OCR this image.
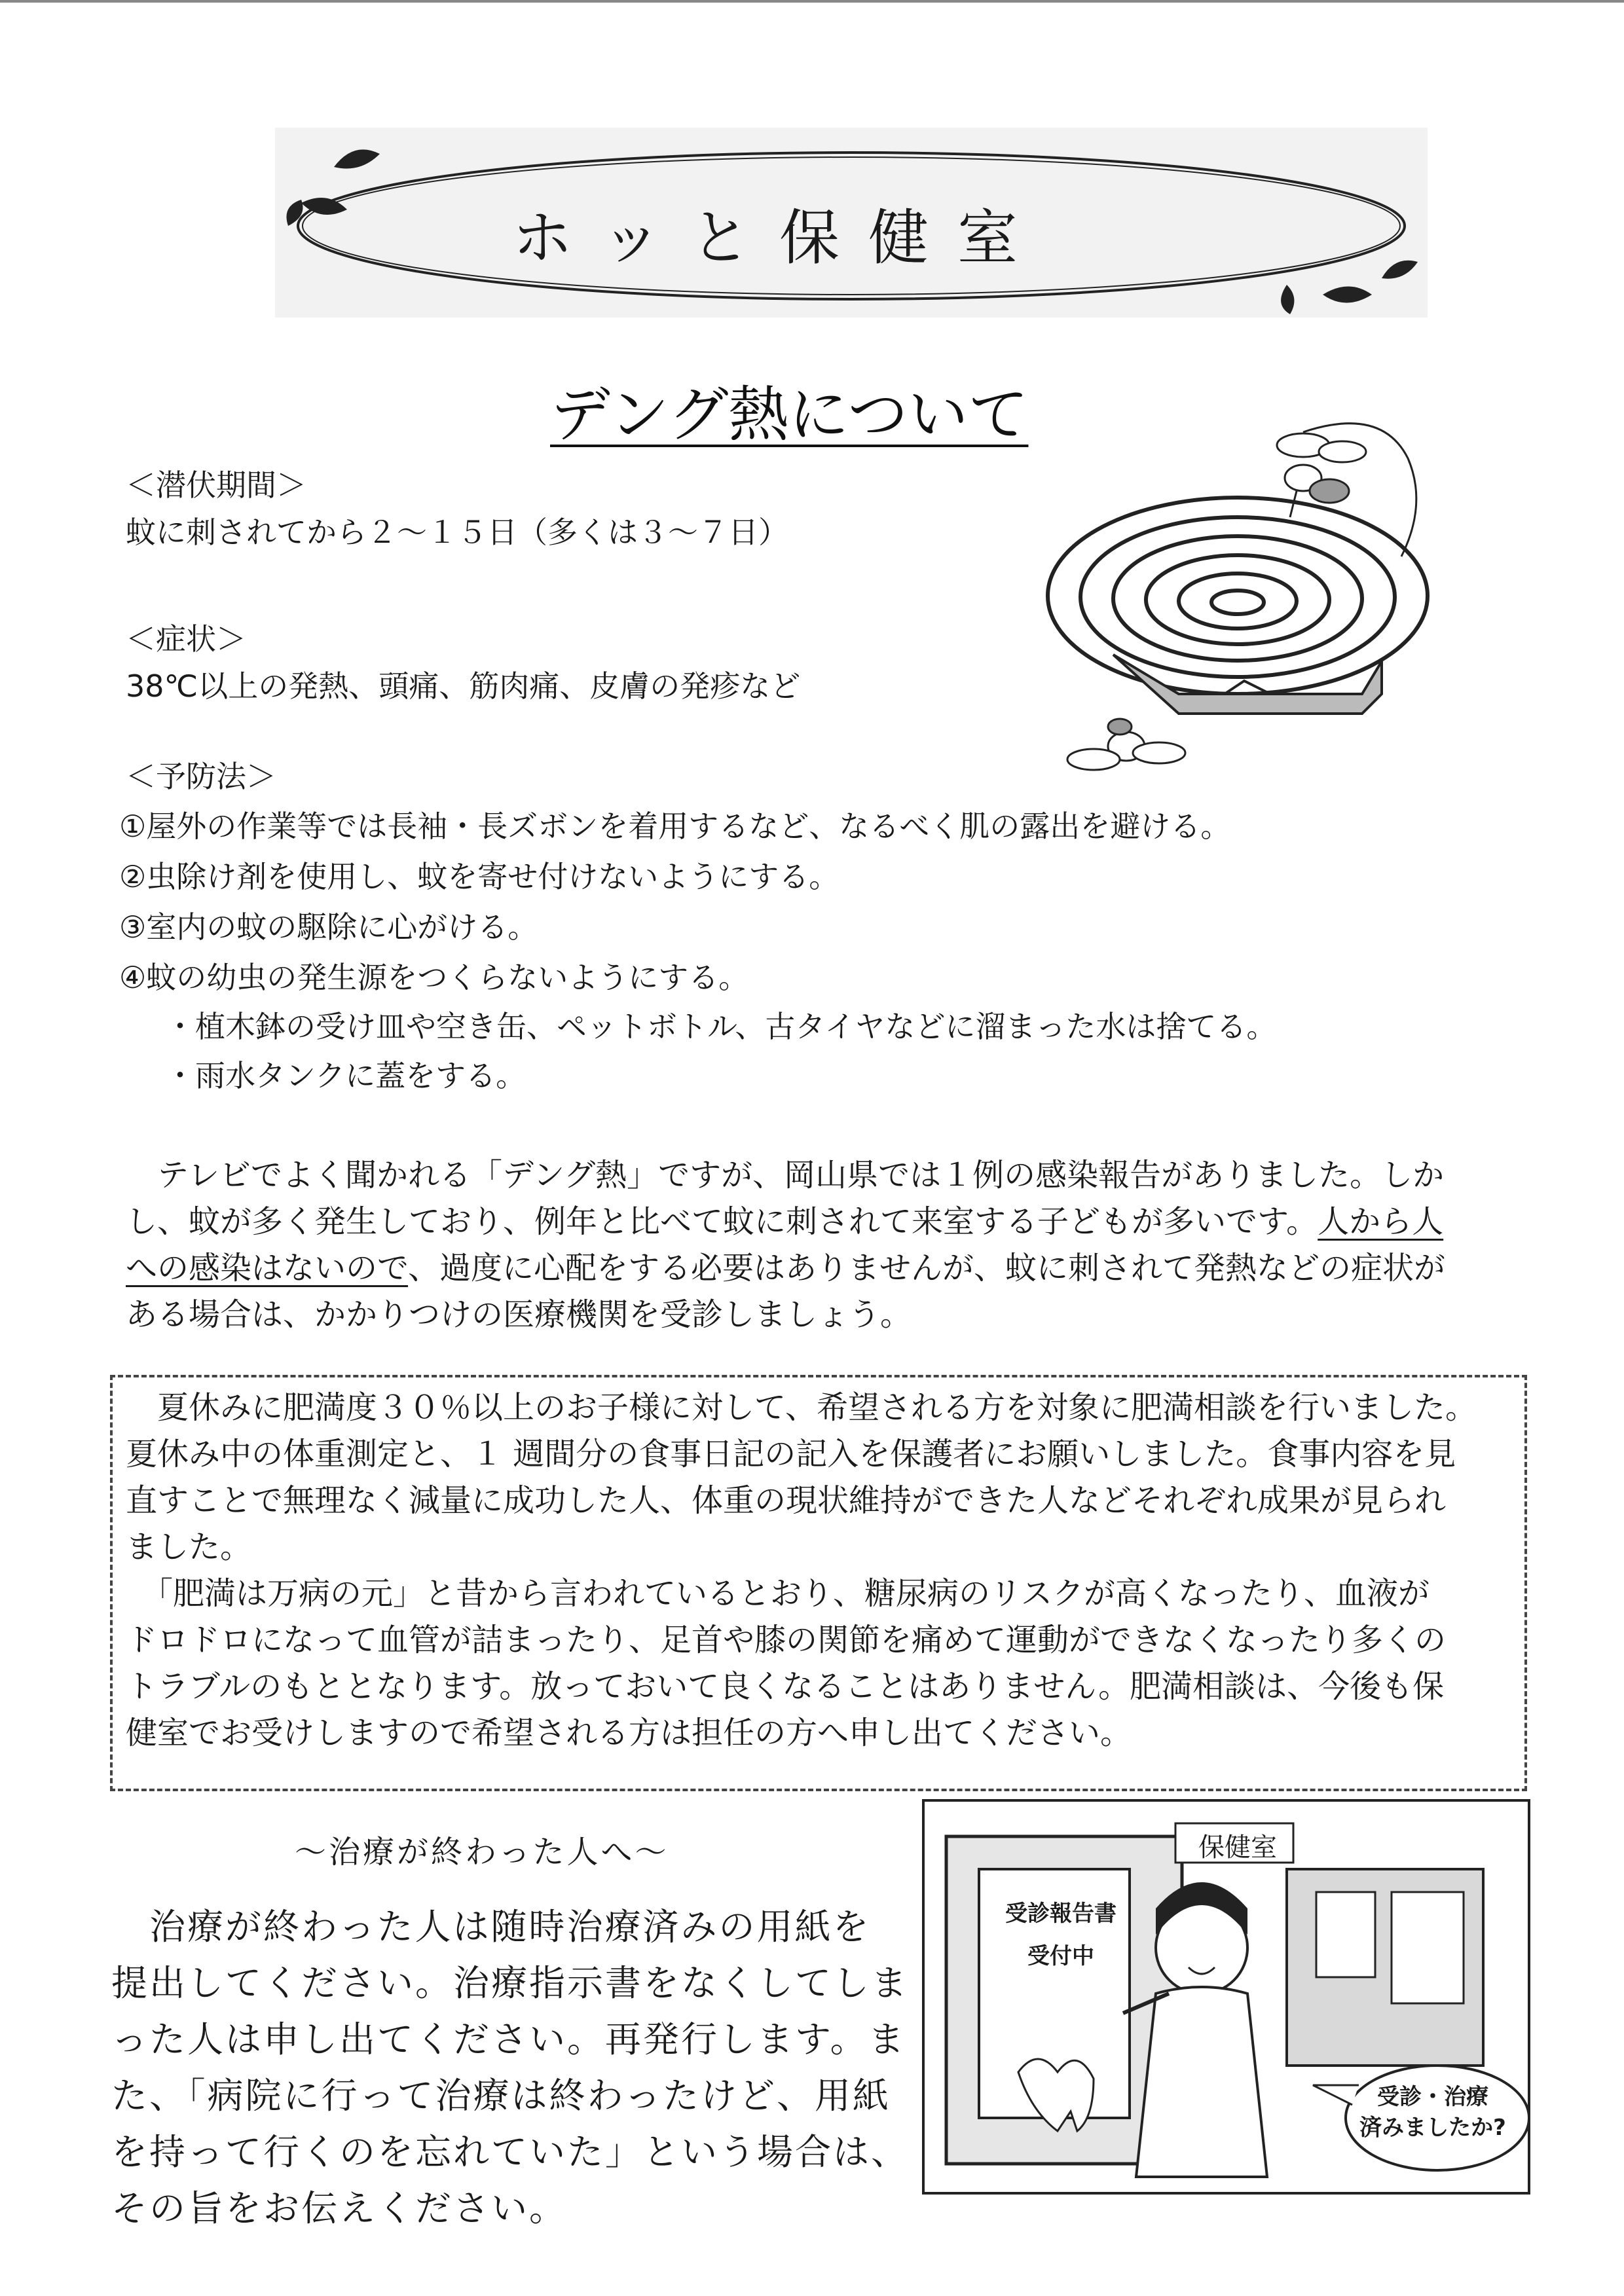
ホッと保健室
デング熱について
＜潜伏期間＞
蚊に刺されてから２～１５日（多くは３～７日）
＜症状＞
38℃以上の発熱、頭痛、筋肉痛、皮膚の発疹など
＜予防法＞
①屋外の作業等では長袖・長ズボンを着用するなど、なるべく肌の露出を避ける。
②虫除け剤を使用し、蚊を寄せ付けないようにする。
③室内の蚊の駆除に心がける。
④蚊の幼虫の発生源をつくらないようにする。
・植木鉢の受け皿や空き缶、ペットボトル、古タイヤなどに溜まった水は捨てる。
・雨水タンクに蓋をする。
　テレビでよく聞かれる「デング熱」ですが、岡山県では１例の感染報告がありました。しか
し、蚊が多く発生しており、例年と比べて蚊に刺されて来室する子どもが多いです。人から人
への感染はないので、過度に心配をする必要はありませんが、蚊に刺されて発熱などの症状が
ある場合は、かかりつけの医療機関を受診しましょう。
　夏休みに肥満度３０％以上のお子様に対して、希望される方を対象に肥満相談を行いました。
夏休み中の体重測定と、１ 週間分の食事日記の記入を保護者にお願いしました。食事内容を見
直すことで無理なく減量に成功した人、体重の現状維持ができた人などそれぞれ成果が見られ
ました。
　「肥満は万病の元」と昔から言われているとおり、糖尿病のリスクが高くなったり、血液が
ドロドロになって血管が詰まったり、足首や膝の関節を痛めて運動ができなくなったり多くの
トラブルのもととなります。放っておいて良くなることはありません。肥満相談は、今後も保
健室でお受けしますので希望される方は担任の方へ申し出てください。
～治療が終わった人へ～
　治療が終わった人は随時治療済みの用紙を
提出してください。治療指示書をなくしてしま
った人は申し出てください。再発行します。ま
た、「病院に行って治療は終わったけど、用紙
を持って行くのを忘れていた」という場合は、
その旨をお伝えください。
保健室
受診報告書
受付中
受診・治療
済みましたか?
